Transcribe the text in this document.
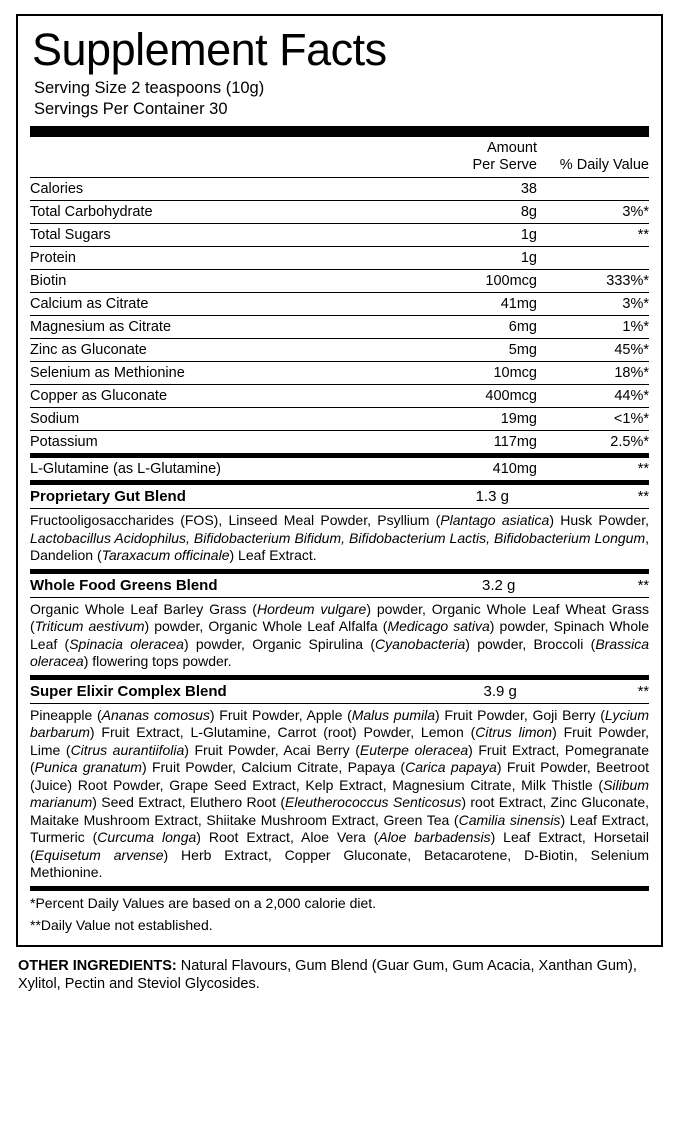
Supplement Facts
Serving Size 2 teaspoons (10g)
Servings Per Container 30
	Amount
Per Serve	% Daily Value
Calories	38	
Total Carbohydrate	8g	3%*
Total Sugars	1g	**
Protein	1g	
Biotin	100mcg	333%*
Calcium as Citrate	41mg	3%*
Magnesium as Citrate	6mg	1%*
Zinc as Gluconate	5mg	45%*
Selenium as Methionine	10mcg	18%*
Copper as Gluconate	400mcg	44%*
Sodium	19mg	<1%*
Potassium	117mg	2.5%*
L-Glutamine (as L-Glutamine)	410mg	**
Proprietary Gut Blend	1.3 g	**
Fructooligosaccharides (FOS), Linseed Meal Powder, Psyllium (Plantago asiatica) Husk Powder, Lactobacillus Acidophilus, Bifidobacterium Bifidum, Bifidobacterium Lactis, Bifidobacterium Longum, Dandelion (Taraxacum officinale) Leaf Extract.
Whole Food Greens Blend	3.2 g	**
Organic Whole Leaf Barley Grass (Hordeum vulgare) powder, Organic Whole Leaf Wheat Grass (Triticum aestivum) powder, Organic Whole Leaf Alfalfa (Medicago sativa) powder, Spinach Whole Leaf (Spinacia oleracea) powder, Organic Spirulina (Cyanobacteria) powder, Broccoli (Brassica oleracea) flowering tops powder.
Super Elixir Complex Blend	3.9 g	**
Pineapple (Ananas comosus) Fruit Powder, Apple (Malus pumila) Fruit Powder, Goji Berry (Lycium barbarum) Fruit Extract, L-Glutamine, Carrot (root) Powder, Lemon (Citrus limon) Fruit Powder, Lime (Citrus aurantiifolia) Fruit Powder, Acai Berry (Euterpe oleracea) Fruit Extract, Pomegranate (Punica granatum) Fruit Powder, Calcium Citrate, Papaya (Carica papaya) Fruit Powder, Beetroot (Juice) Root Powder, Grape Seed Extract, Kelp Extract, Magnesium Citrate, Milk Thistle (Silibum marianum) Seed Extract, Eluthero Root (Eleutherococcus Senticosus) root Extract, Zinc Gluconate, Maitake Mushroom Extract, Shiitake Mushroom Extract, Green Tea (Camilia sinensis) Leaf Extract, Turmeric (Curcuma longa) Root Extract, Aloe Vera (Aloe barbadensis) Leaf Extract, Horsetail (Equisetum arvense) Herb Extract, Copper Gluconate, Betacarotene, D-Biotin, Selenium Methionine.
*Percent Daily Values are based on a 2,000 calorie diet.
**Daily Value not established.
OTHER INGREDIENTS: Natural Flavours, Gum Blend (Guar Gum, Gum Acacia, Xanthan Gum), Xylitol, Pectin and Steviol Glycosides.
